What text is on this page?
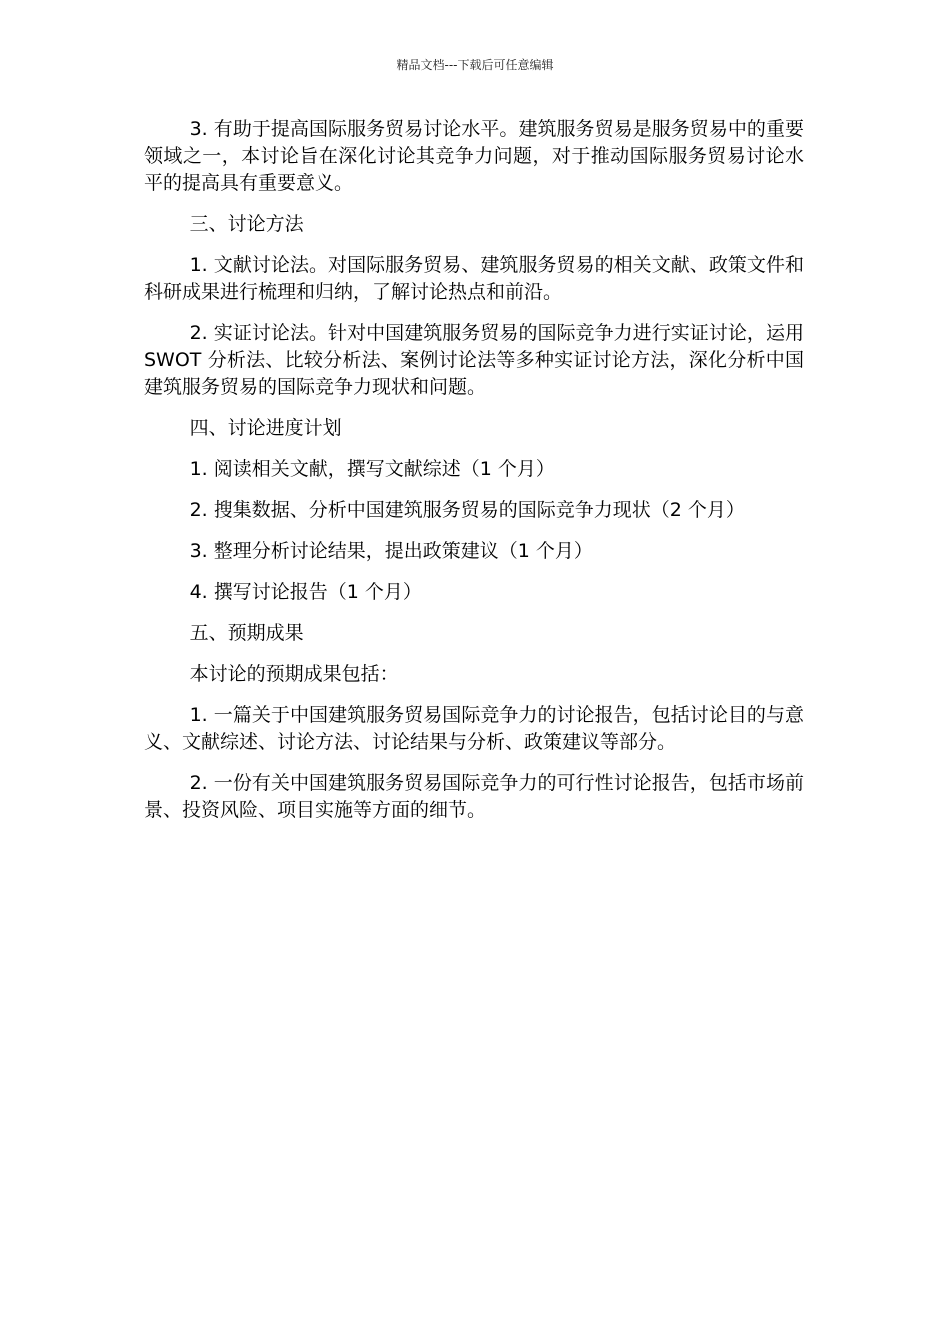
精品文档---下载后可任意编辑

3. 有助于提高国际服务贸易讨论水平。建筑服务贸易是服务贸易中的重要领域之一，本讨论旨在深化讨论其竞争力问题，对于推动国际服务贸易讨论水平的提高具有重要意义。

三、讨论方法

1. 文献讨论法。对国际服务贸易、建筑服务贸易的相关文献、政策文件和科研成果进行梳理和归纳，了解讨论热点和前沿。

2. 实证讨论法。针对中国建筑服务贸易的国际竞争力进行实证讨论，运用 SWOT 分析法、比较分析法、案例讨论法等多种实证讨论方法，深化分析中国建筑服务贸易的国际竞争力现状和问题。

四、讨论进度计划

1. 阅读相关文献，撰写文献综述（1 个月）

2. 搜集数据、分析中国建筑服务贸易的国际竞争力现状（2 个月）

3. 整理分析讨论结果，提出政策建议（1 个月）

4. 撰写讨论报告（1 个月）

五、预期成果

本讨论的预期成果包括：

1. 一篇关于中国建筑服务贸易国际竞争力的讨论报告，包括讨论目的与意义、文献综述、讨论方法、讨论结果与分析、政策建议等部分。

2. 一份有关中国建筑服务贸易国际竞争力的可行性讨论报告，包括市场前景、投资风险、项目实施等方面的细节。
